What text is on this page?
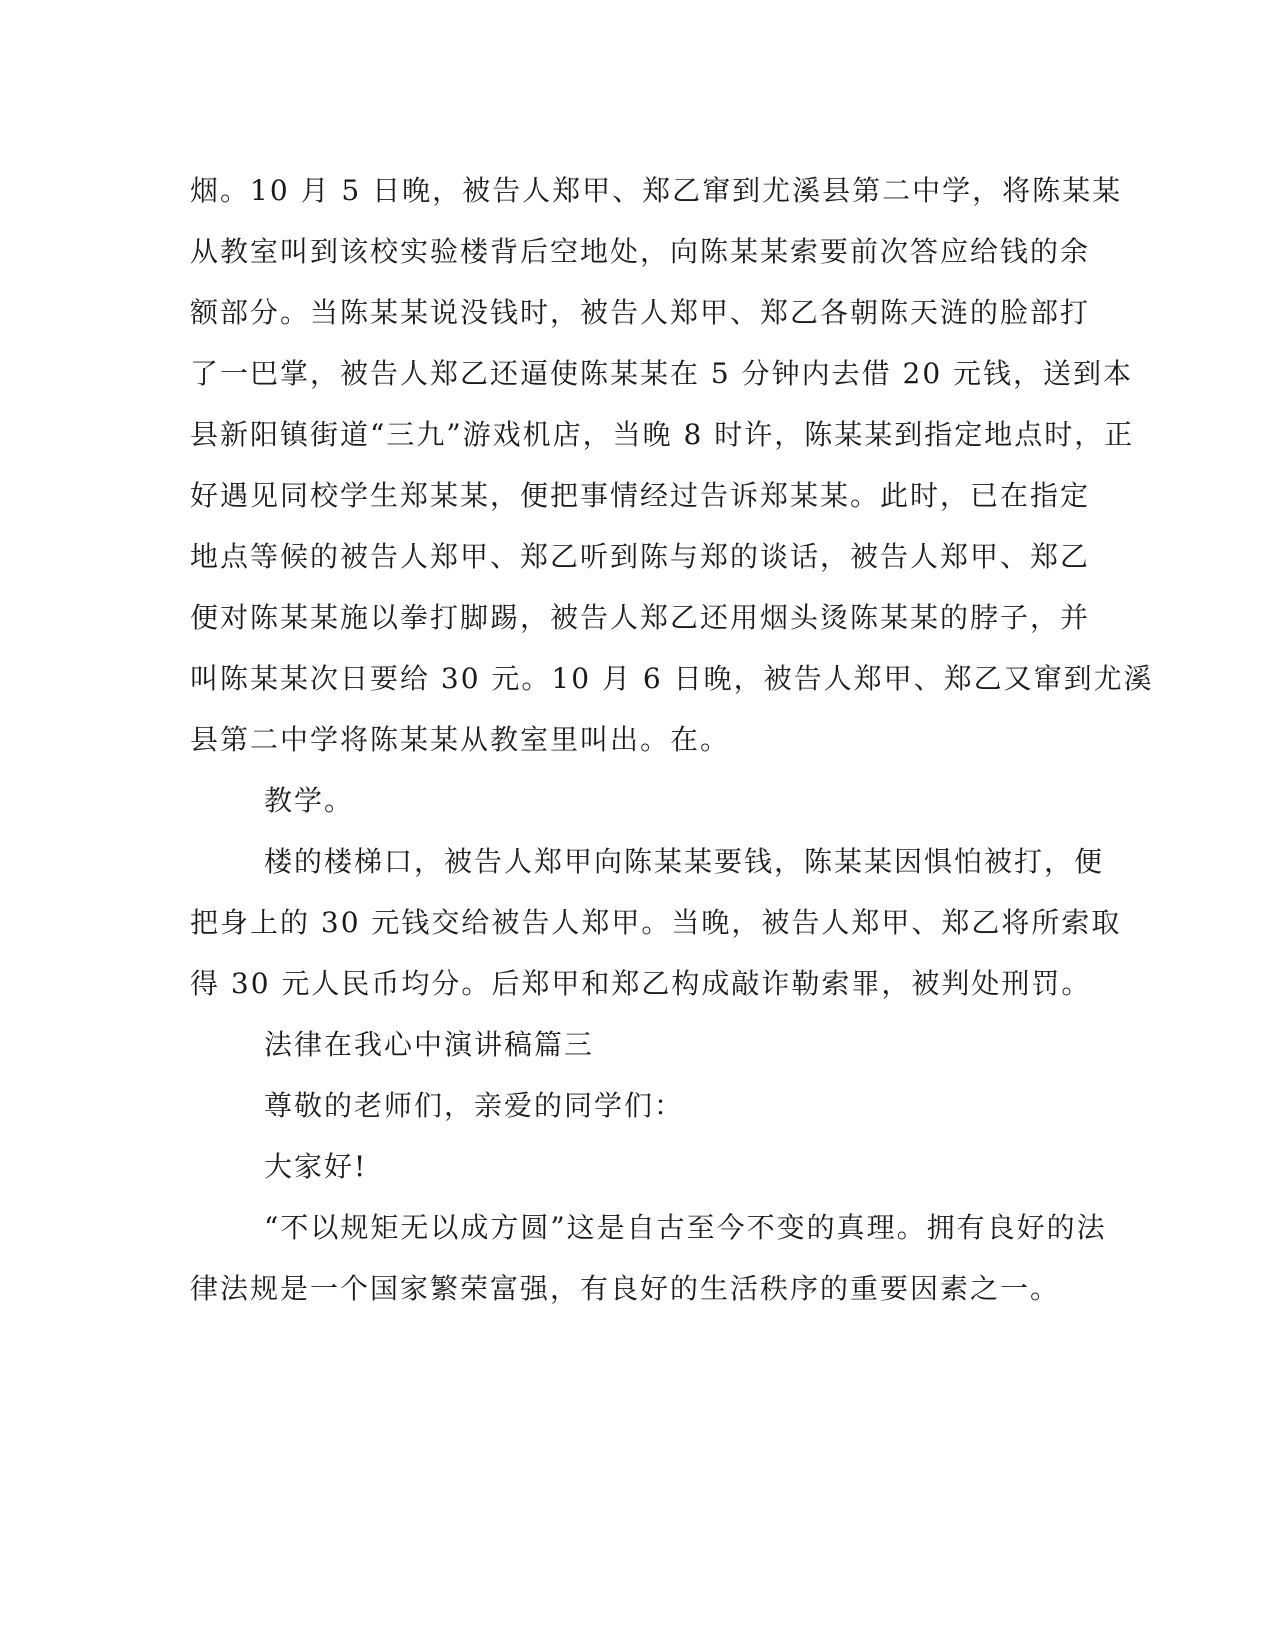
烟。10 月 5 日晚，被告人郑甲、郑乙窜到尤溪县第二中学，将陈某某
从教室叫到该校实验楼背后空地处，向陈某某索要前次答应给钱的余
额部分。当陈某某说没钱时，被告人郑甲、郑乙各朝陈天涟的脸部打
了一巴掌，被告人郑乙还逼使陈某某在 5 分钟内去借 20 元钱，送到本
县新阳镇街道“三九”游戏机店，当晚 8 时许，陈某某到指定地点时，正
好遇见同校学生郑某某，便把事情经过告诉郑某某。此时，已在指定
地点等候的被告人郑甲、郑乙听到陈与郑的谈话，被告人郑甲、郑乙
便对陈某某施以拳打脚踢，被告人郑乙还用烟头烫陈某某的脖子，并
叫陈某某次日要给 30 元。10 月 6 日晚，被告人郑甲、郑乙又窜到尤溪
县第二中学将陈某某从教室里叫出。在。

教学。

楼的楼梯口，被告人郑甲向陈某某要钱，陈某某因惧怕被打，便
把身上的 30 元钱交给被告人郑甲。当晚，被告人郑甲、郑乙将所索取
得 30 元人民币均分。后郑甲和郑乙构成敲诈勒索罪，被判处刑罚。

法律在我心中演讲稿篇三

尊敬的老师们，亲爱的同学们：

大家好!

“不以规矩无以成方圆”这是自古至今不变的真理。拥有良好的法
律法规是一个国家繁荣富强，有良好的生活秩序的重要因素之一。
